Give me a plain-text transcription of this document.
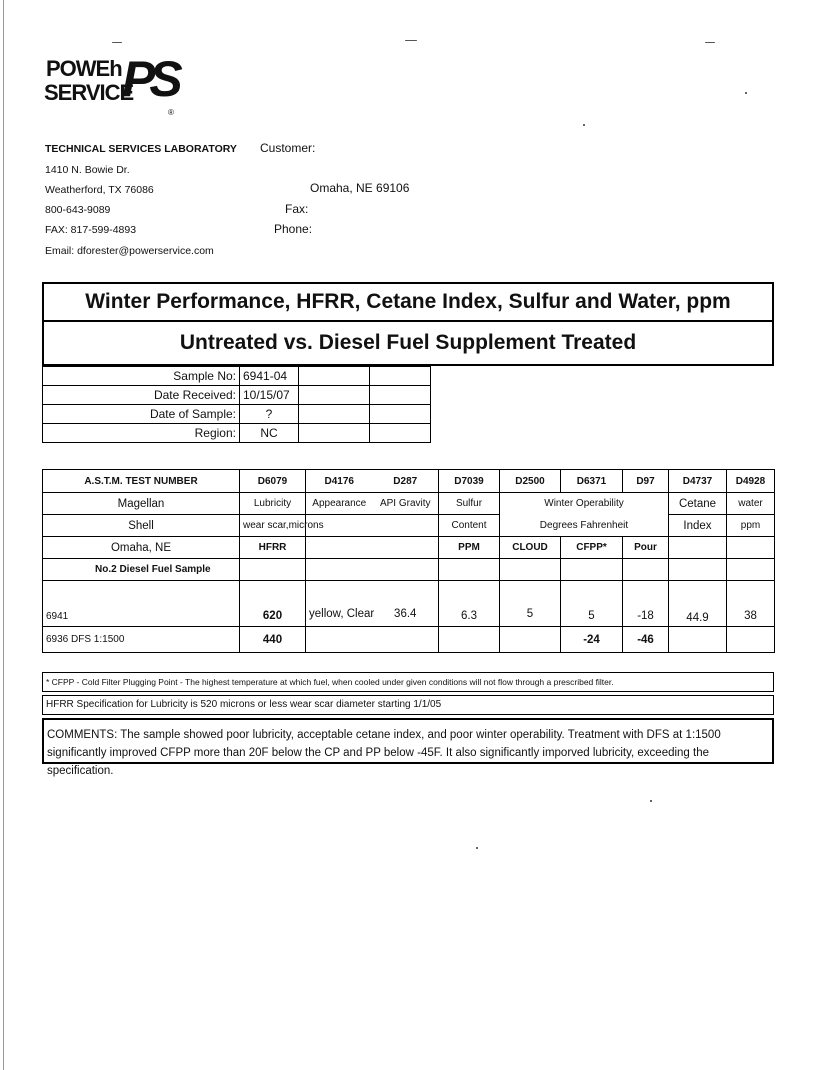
POWEh
SERVICE
PS
®
TECHNICAL SERVICES LABORATORY
1410 N. Bowie Dr.
Weatherford, TX 76086
800-643-9089
FAX: 817-599-4893
Email: dforester@powerservice.com
Customer:
Omaha, NE 69106
Fax:
Phone:
Winter Performance, HFRR, Cetane Index, Sulfur and Water, ppm
Untreated vs. Diesel Fuel Supplement Treated
Sample No:	6941-04		
Date Received:	10/15/07		
Date of Sample:	?		
Region:	NC		
A.S.T.M. TEST NUMBER	D6079	D4176	D287	D7039	D2500	D6371	D97	D4737	D4928
Magellan	Lubricity	Appearance	API Gravity	Sulfur	Winter Operability			Cetane	water
Shell	wear scar,microns			Content	Degrees Fahrenheit			Index	ppm
Omaha, NE	HFRR			PPM	CLOUD	CFPP*	Pour		
No.2 Diesel Fuel Sample									
6941	620	yellow, Clear	36.4	6.3	5	5	-18	44.9	38
6936 DFS 1:1500	440					-24	-46		
* CFPP - Cold Filter Plugging Point - The highest temperature at which fuel, when cooled under given conditions will not flow through a prescribed filter.
HFRR Specification for Lubricity is 520 microns or less wear scar diameter starting 1/1/05
COMMENTS: The sample showed poor lubricity, acceptable cetane index, and poor winter operability. Treatment with DFS at 1:1500 significantly improved CFPP more than 20F below the CP and PP below -45F. It also significantly imporved lubricity, exceeding the specification.
